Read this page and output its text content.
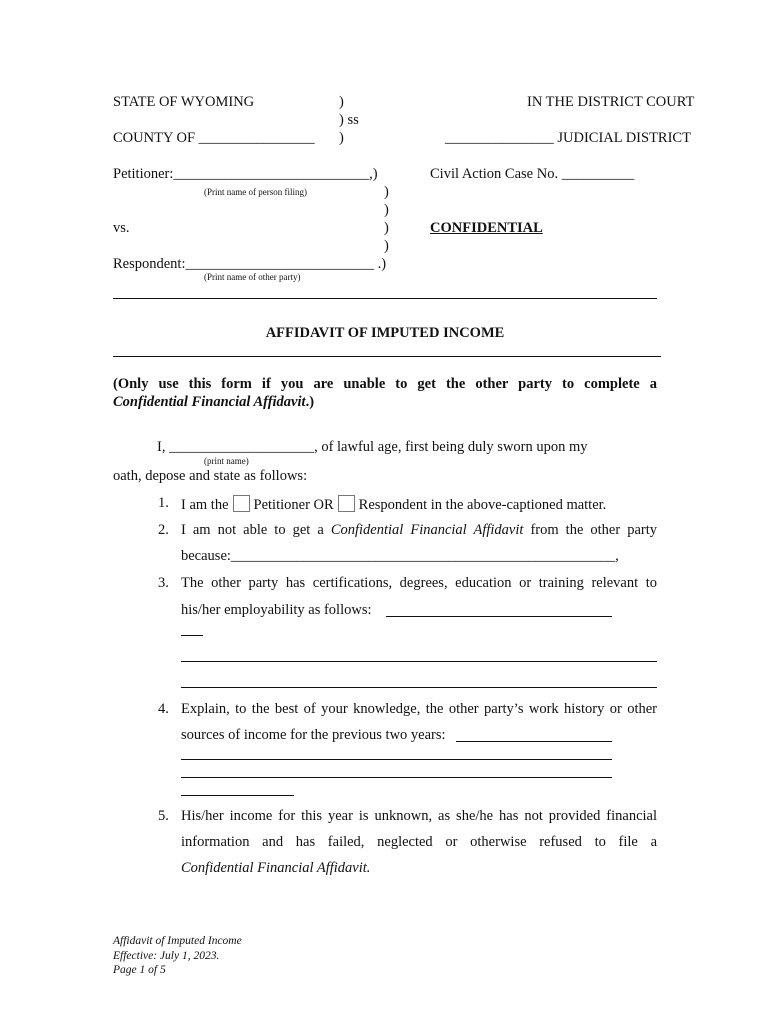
STATE OF WYOMING	)
) ss
)
IN THE DISTRICT COURT
COUNTY OF ________________	_______________ JUDICIAL DISTRICT
Petitioner:___________________________,)
(Print name of person filing)	)
)
vs.	)
)
Respondent:__________________________ .)
(Print name of other party)
Civil Action Case No. __________
CONFIDENTIAL
AFFIDAVIT OF IMPUTED INCOME
(Only use this form if you are unable to get the other party to complete a
Confidential Financial Affidavit.)
I, ____________________, of lawful age, first being duly sworn upon my
(print name)
oath, depose and state as follows:
1. I am the Petitioner OR Respondent in the above-captioned matter.
2. I am not able to get a Confidential Financial Affidavit from the other party
because:_____________________________________________________,
3. The other party has certifications, degrees, education or training relevant to
his/her employability as follows:
4. Explain, to the best of your knowledge, the other party’s work history or other
sources of income for the previous two years:
5. His/her income for this year is unknown, as she/he has not provided financial
information and has failed, neglected or otherwise refused to file a
Confidential Financial Affidavit.
Affidavit of Imputed Income
Effective: July 1, 2023.
Page 1 of 5
